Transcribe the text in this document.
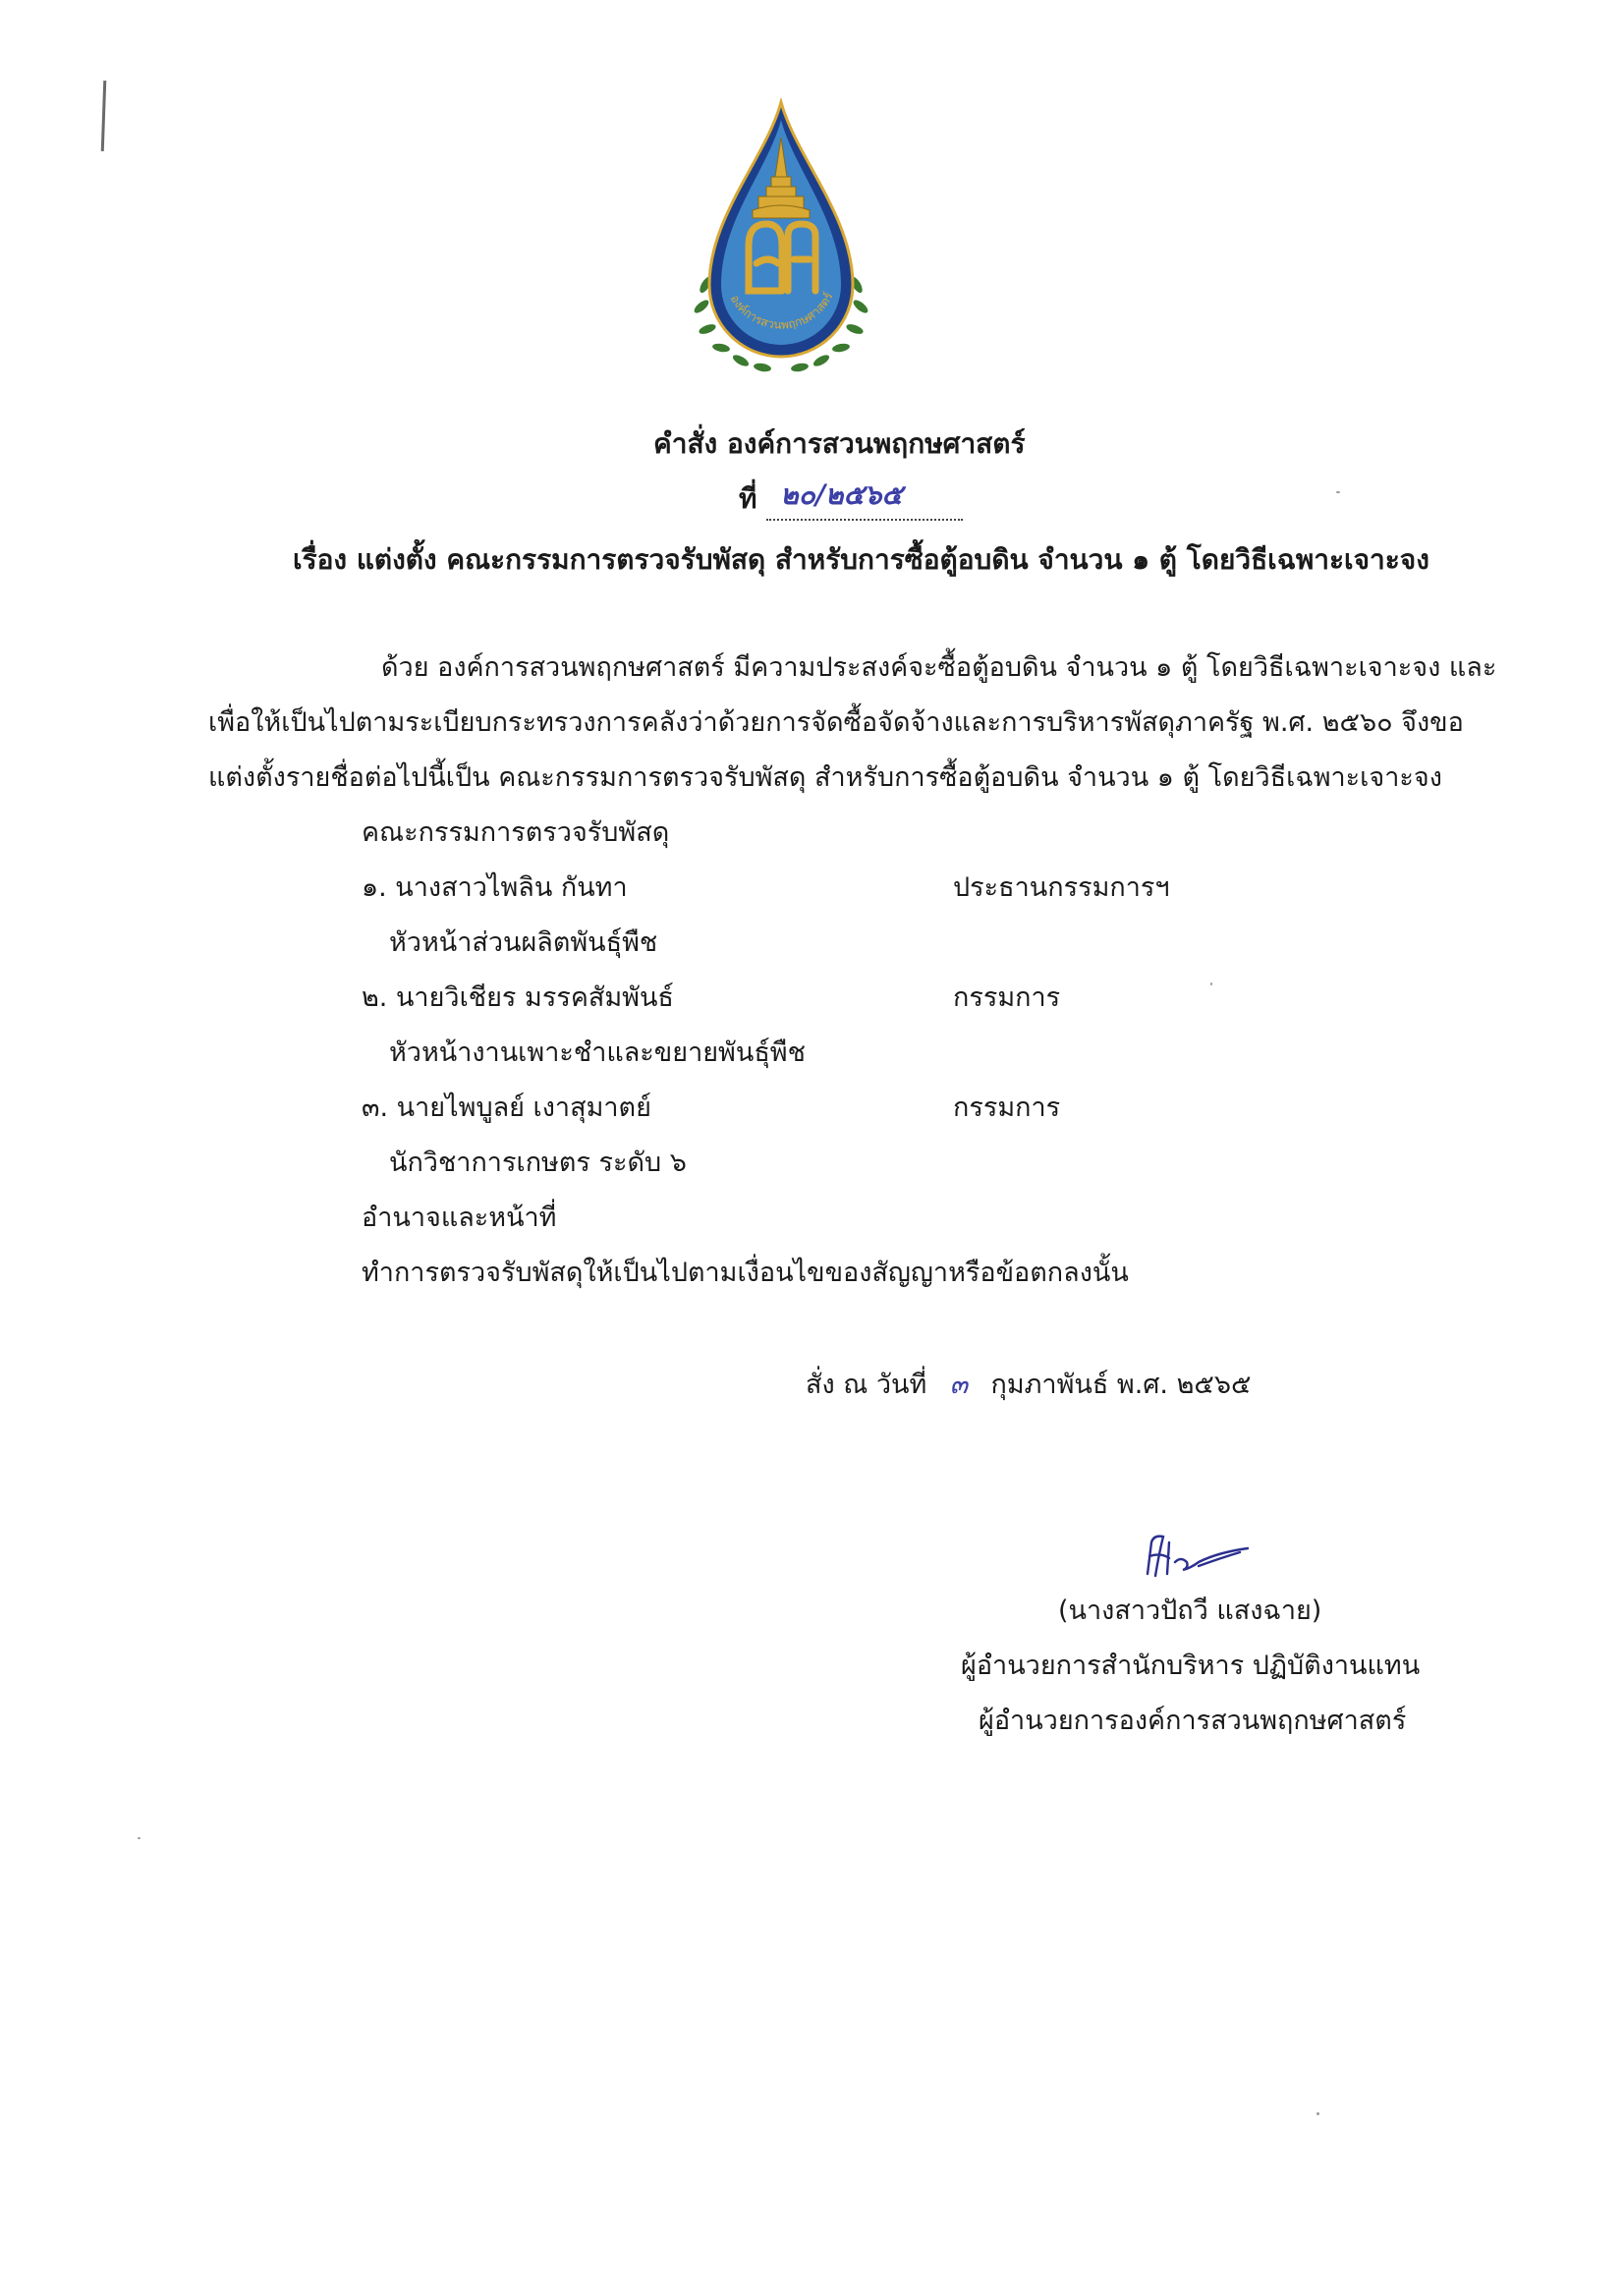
องค์การสวนพฤกษศาสตร์
คำสั่ง องค์การสวนพฤกษศาสตร์
ที่ ๒๐/๒๕๖๕
เรื่อง แต่งตั้ง คณะกรรมการตรวจรับพัสดุ สำหรับการซื้อตู้อบดิน จำนวน ๑ ตู้ โดยวิธีเฉพาะเจาะจง
ด้วย องค์การสวนพฤกษศาสตร์ มีความประสงค์จะซื้อตู้อบดิน จำนวน ๑ ตู้ โดยวิธีเฉพาะเจาะจง และ
เพื่อให้เป็นไปตามระเบียบกระทรวงการคลังว่าด้วยการจัดซื้อจัดจ้างและการบริหารพัสดุภาครัฐ พ.ศ. ๒๕๖๐ จึงขอ
แต่งตั้งรายชื่อต่อไปนี้เป็น คณะกรรมการตรวจรับพัสดุ สำหรับการซื้อตู้อบดิน จำนวน ๑ ตู้ โดยวิธีเฉพาะเจาะจง
คณะกรรมการตรวจรับพัสดุ
๑. นางสาวไพลิน กันทา	ประธานกรรมการฯ
หัวหน้าส่วนผลิตพันธุ์พืช
๒. นายวิเชียร มรรคสัมพันธ์	กรรมการ
หัวหน้างานเพาะชำและขยายพันธุ์พืช
๓. นายไพบูลย์ เงาสุมาตย์	กรรมการ
นักวิชาการเกษตร ระดับ ๖
อำนาจและหน้าที่
ทำการตรวจรับพัสดุให้เป็นไปตามเงื่อนไขของสัญญาหรือข้อตกลงนั้น
สั่ง ณ วันที่ ๓ กุมภาพันธ์ พ.ศ. ๒๕๖๕
(นางสาวปัถวี แสงฉาย)
ผู้อำนวยการสำนักบริหาร ปฏิบัติงานแทน
ผู้อำนวยการองค์การสวนพฤกษศาสตร์
